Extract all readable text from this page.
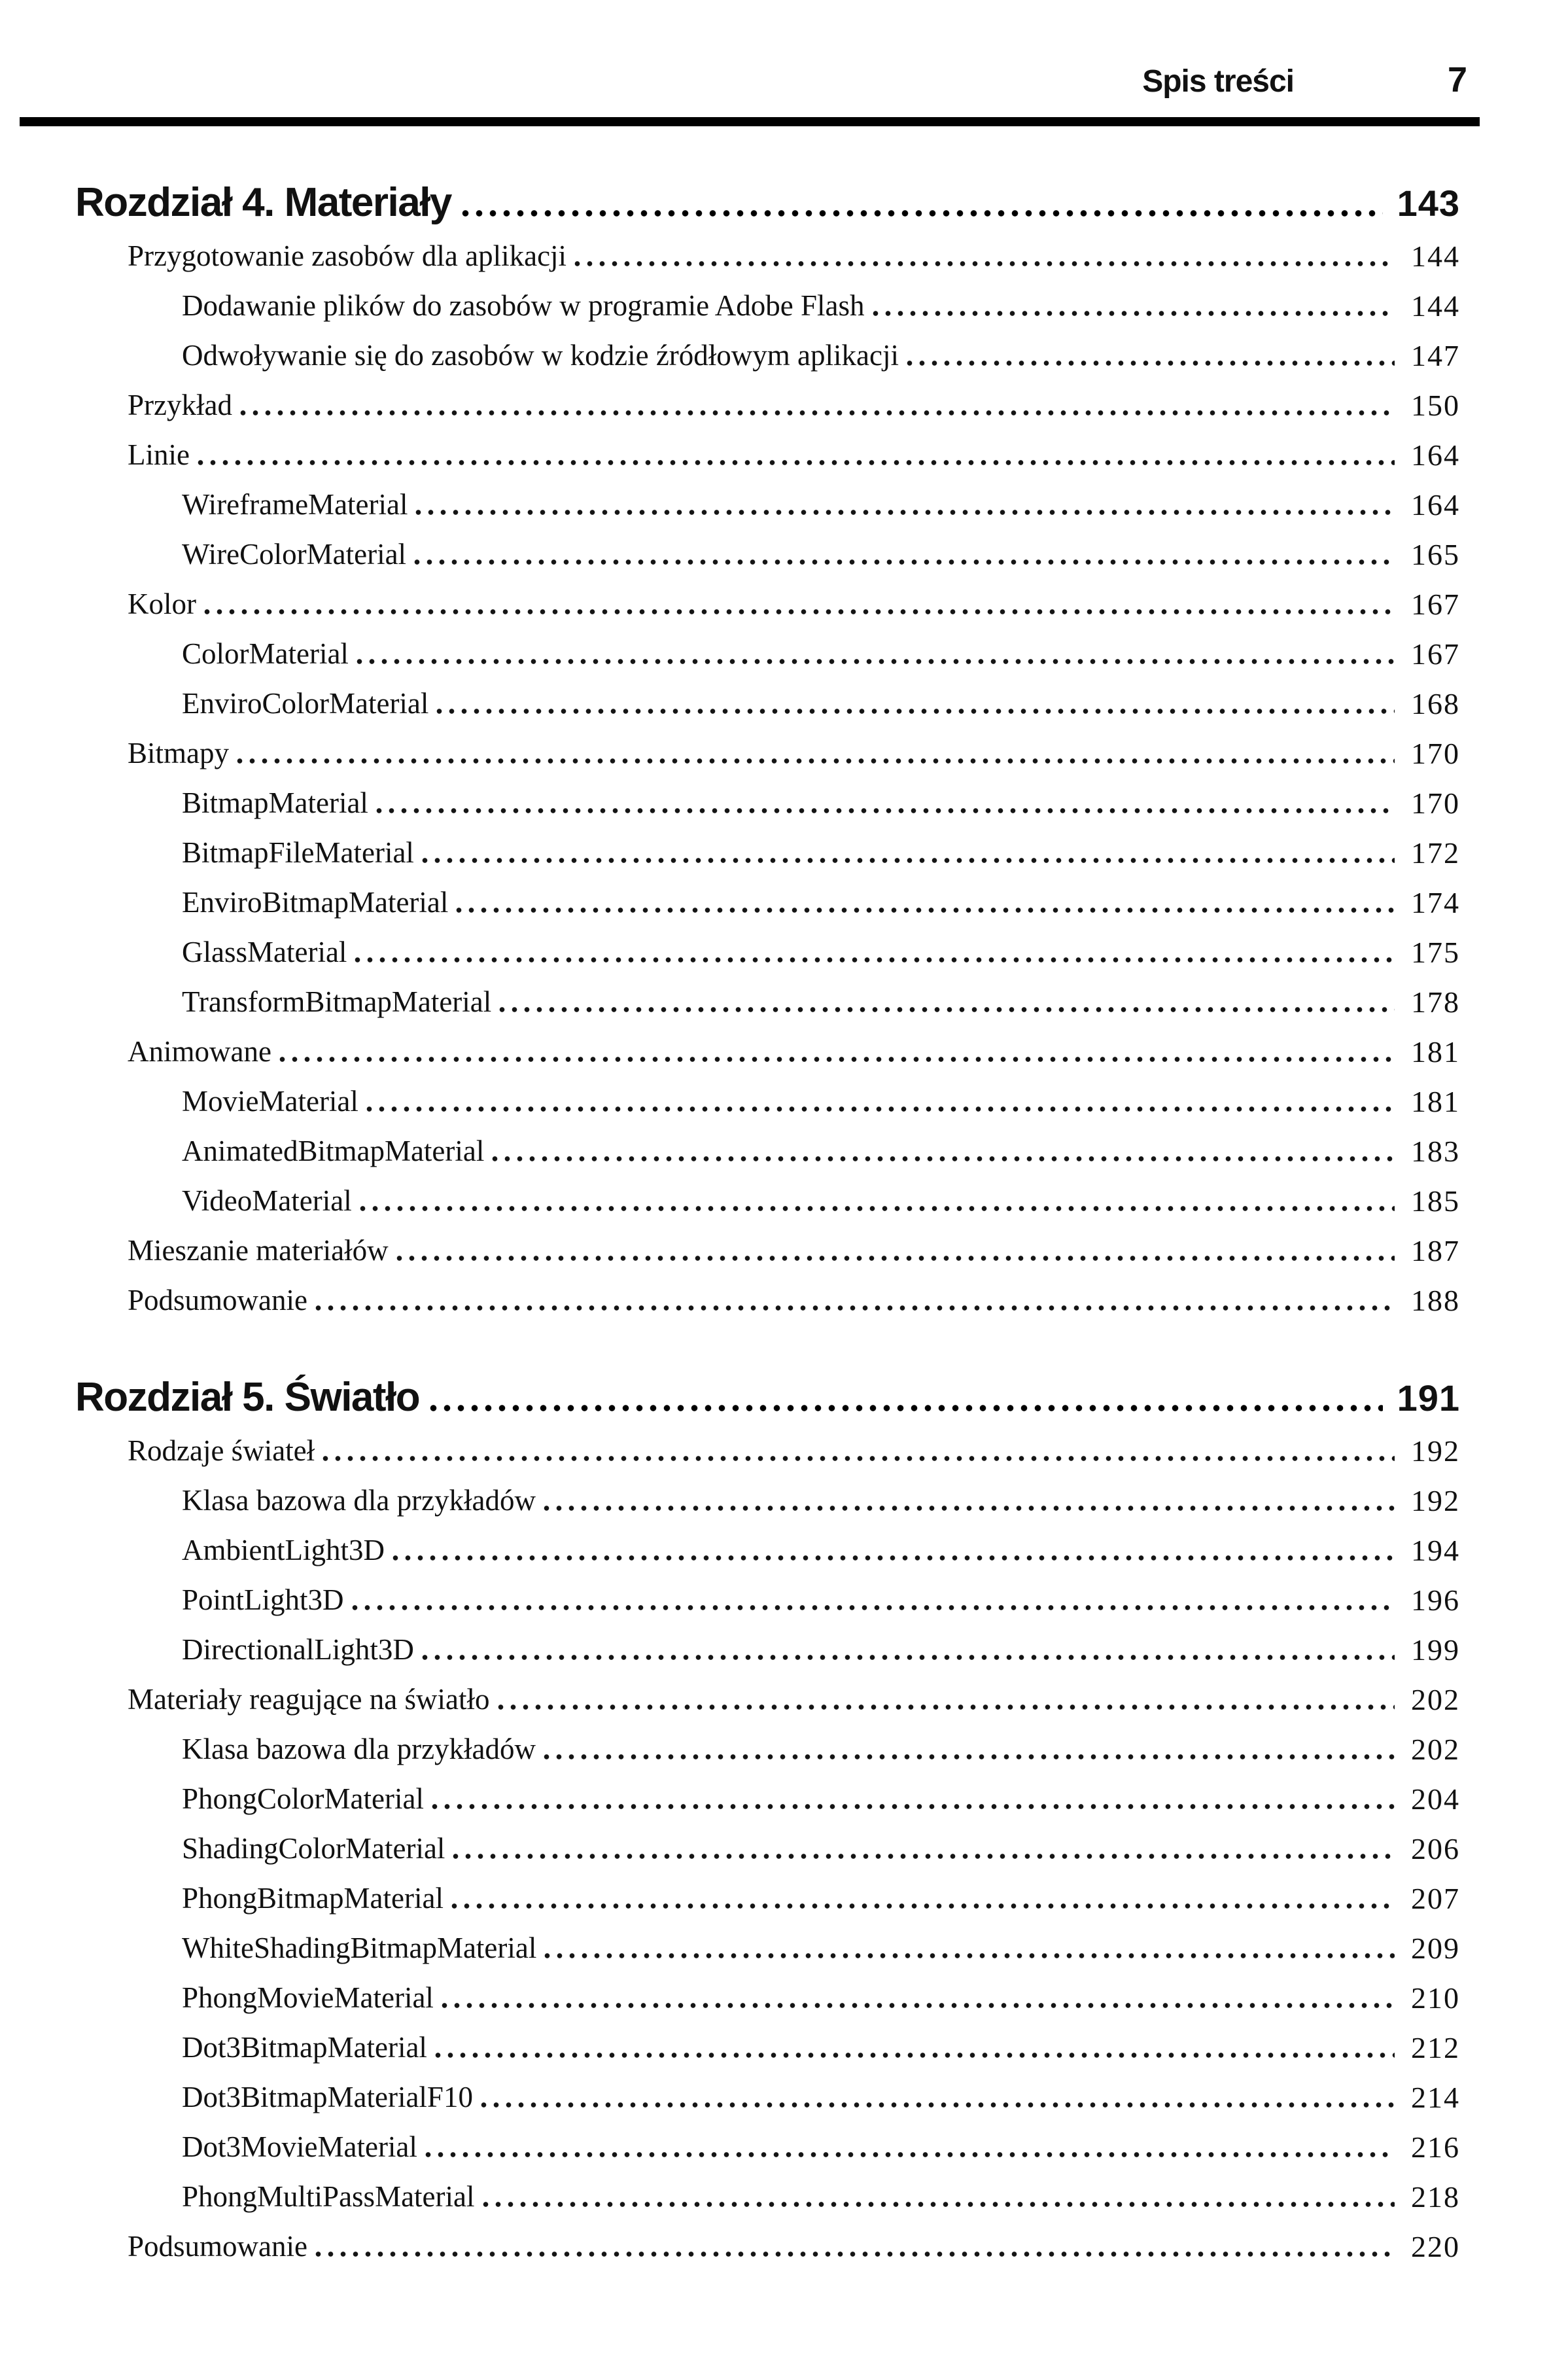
Spis treści	7
Rozdział 4. Materiały	143
Przygotowanie zasobów dla aplikacji	144
Dodawanie plików do zasobów w programie Adobe Flash	144
Odwoływanie się do zasobów w kodzie źródłowym aplikacji	147
Przykład	150
Linie	164
WireframeMaterial	164
WireColorMaterial	165
Kolor	167
ColorMaterial	167
EnviroColorMaterial	168
Bitmapy	170
BitmapMaterial	170
BitmapFileMaterial	172
EnviroBitmapMaterial	174
GlassMaterial	175
TransformBitmapMaterial	178
Animowane	181
MovieMaterial	181
AnimatedBitmapMaterial	183
VideoMaterial	185
Mieszanie materiałów	187
Podsumowanie	188
Rozdział 5. Światło	191
Rodzaje świateł	192
Klasa bazowa dla przykładów	192
AmbientLight3D	194
PointLight3D	196
DirectionalLight3D	199
Materiały reagujące na światło	202
Klasa bazowa dla przykładów	202
PhongColorMaterial	204
ShadingColorMaterial	206
PhongBitmapMaterial	207
WhiteShadingBitmapMaterial	209
PhongMovieMaterial	210
Dot3BitmapMaterial	212
Dot3BitmapMaterialF10	214
Dot3MovieMaterial	216
PhongMultiPassMaterial	218
Podsumowanie	220
